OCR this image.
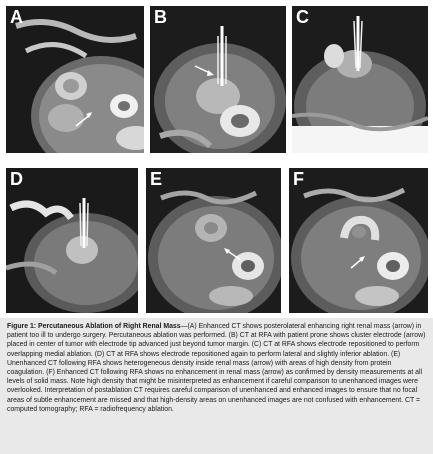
A	B	C
D	E	F

Figure 1: Percutaneous Ablation of Right Renal Mass—(A) Enhanced CT shows posterolateral enhancing right renal mass (arrow) in patient too ill to undergo surgery. Percutaneous ablation was performed. (B) CT at RFA with patient prone shows cluster electrode (arrow) placed in center of tumor with electrode tip advanced just beyond tumor margin. (C) CT at RFA shows electrode repositioned to perform overlapping medial ablation. (D) CT at RFA shows electrode repositioned again to perform lateral and slightly inferior ablation. (E) Unenhanced CT following RFA shows heterogeneous density inside renal mass (arrow) with areas of high density from protein coagulation. (F) Enhanced CT following RFA shows no enhancement in renal mass (arrow) as confirmed by density measurements at all levels of solid mass. Note high density that might be misinterpreted as enhancement if careful comparison to unenhanced images were overlooked. Interpretation of postablation CT requires careful comparison of unenhanced and enhanced images to ensure that no focal areas of subtle enhancement are missed and that high-density areas on unenhanced images are not confused with enhancement. CT = computed tomography; RFA = radiofrequency ablation.
